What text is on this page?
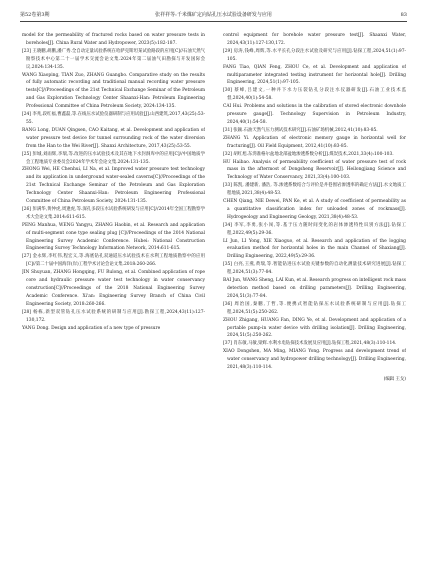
第52卷第3期	张祥祥等:千米煤矿定向钻孔压水试验设备研发与应用	83

model for the permeability of fractured rocks based on water pressure tests in boreholes[J]. China Rural Water and Hydropower, 2023(5):182-187.

[23] 王晓鹏,胡鹏,潘广秀.全自动定量试验系统在哈萨克斯坦某试验路段的应用[C]//石油天然气勘察技术中心第二十一届学术交流会论文集.2024年第二届油气田勘探与开发国际会议.2024:134-135.

WANG Xiaoping, TIAN Zuo, ZHANG Guangbo. Comparative study on the results of fully automatic recording and traditional manual recording water pressure tests[C]//Proceedings of the 21st Technical Exchange Seminar of the Petroleum and Gas Exploration Technology Center Shaanxi-Han: Petroleum Engineering Professional Committee of China Petroleum Society, 2024:134-135.

[24] 李兆,段红福,曹鑫磊,等.在线压水试验仪器研制与应用试验[J].山西建筑,2017,43(25):53-55.

RANG Long, DUAN Qingsen, CAO Kaitang, et al. Development and application of water pressure test device for tunnel surrounding rock of the water diversion from the Han to the Wei River[J]. Shanxi Architecture, 2017,43(25):53-55.

[25] 彭城,刘雨辉,李瑞,等.改进的压水试验技术及其在地下水封洞库中的应用[C]//中国地质学会工程地质专业委员会2024年学术年会论文集.2024:131-135.

ZHONG Wei, HE Chenhui, LI Na, et al. Improved water pressure test technology and its application in underground water-sealed caverns[C]//Proceedings of the 21st Technical Exchange Seminar of the Petroleum and Gas Exploration Technology Center Shaanxi-Han: Petroleum Engineering Professional Committee of China Petroleum Society, 2024:131-135.

[26] 彭满华,黄仲虎,周逢虎,等.深孔多段压水试验系统研发与应用[C]//2014年全国工程勘察学术大会论文集.2014:611-615.

PENG Manhua, WENG Yangyu, ZHANG Haobin, et al. Research and application of multi-segment cone type sealing plug [C]//Proceedings of the 2014 National Engineering Survey Academic Conference. Hubei: National Construction Engineering Survey Technology Information Network, 2014:611-615.

[27] 金永辉,李红伟,程宏义,等.海底钻孔双通道压水试验技术在水利工程地质勘察中的应用[C]//第二十届中国海洋(岸)工程学术讨论会论文集.2018:260-266.

JIN Shuyuan, ZHANG Hongqing, FU Rulong, et al. Combined application of rope core and hydraulic pressure water test technology in water conservancy construction[C]//Proceedings of the 2018 National Engineering Survey Academic Conference. Xi'an: Engineering Survey Branch of China Civil Engineering Society, 2018:260-266.

[28] 杨栋,新型双管钻孔压水试验系统的研制与应用[J].勘探工程,2024,43(11):127-130,172.

YANG Dong. Design and application of a new type of pressure

control equipment for borehole water pressure test[J]. Shaanxi Water, 2024,43(11):127-130,172.

[29] 房涛,钱峰,周辉,等.水平长孔分段注水试验及研究与应用[J].钻探工程,2024,51(1):97-105.

FANG Tiao, QIAN Feng, ZHOU Ce, et al. Development and application of multiparameter integrated testing instrument for horizontal hole[J]. Drilling Engineering, 2024,51(1):97-105.

[30] 蔡峰,吕建文,一种井下水力压裂钻孔分段注水仪器研发[J].石油工业技术监督,2024,40(1):54-58.

CAI Hui. Problems and solutions in the calibration of stored electronic downhole pressure gauge[J]. Technology Supervision in Petroleum Industry, 2024,40(1):54-58.

[31] 张颖.石油天然气压力测试技术研究[J].石油矿场机械,2012,41(10):83-85.

ZHANG Yi. Application of electronic memory gauge in horizontal well for fracturing[J]. Oil Field Equipment, 2012,41(10):83-85.

[32] 胡红旭.东湾准格尔盆地北部盆地渗透系数分析[J].煤炭技术,2021,33(4):100-103.

HU Haibao. Analysis of permeability coefficient of water pressure test of rock mass in the aftermost of Dongsheng Reservoir[J]. Heilongjiang Science and Technology of Water Conservancy, 2021,33(4):100-103.

[33] 陈凯, 潘建新, 潘浩, 等.渗透系数结合与评价是井巷围岩渗透率的确定方法[J].水文地质工程地质,2021,38(4):48-53.

CHEN Qiang, NIE Dewei, PAN Ke, et al. A study of coefficient of permeability as a quantitative classification index for unloaded zones of rockmass[J]. Hydrogeology and Engineering Geology, 2021,38(4):48-53.

[34] 李军,李勇,张小闯,等.基于压力随时间变化的岩体渗透特性识别方法[J].钻探工程,2022,49(5):29-36.

LI Jun, LI Yong, XIE Xiaoguo, et al. Research and application of the logging evaluation method for horizontal holes in the main Channel of Shaxiang[J]. Drilling Engineering, 2022,49(5):29-36.

[35] 白亮,王燕,黄瑞,等.智能钻进压水试验关键参数的自动化测量技术研究进展[J].钻探工程,2024,51(3):77-84.

BAI Jun, WANG Sheng, LAI Kun, et al. Research progress on intelligent rock mass detection method based on drilling parameters[J]. Drilling Engineering, 2024,51(3):77-84.

[36] 周治国,秦鹏,丁哲,等.便携式智能钻探压水试验系统研制与应用[J].钻探工程,2024,51(5):250-262.

ZHOU Zhigang, HUANG Fan, DING Ye, et al. Development and application of a portable pump-in water device with drilling isolation[J]. Drilling Engineering, 2024,51(5):250-262.

[37] 肖东敏,马敏,梁辉.水利水电钻探技术发展及应用[J].钻探工程,2021,48(3):110-114.

XIAO Dongshen, MA Ming, MIANG Yong. Progress and development trend of water conservancy and hydropower drilling technology[J]. Drilling Engineering, 2021,48(3):110-114.

(编辑 王戈)
